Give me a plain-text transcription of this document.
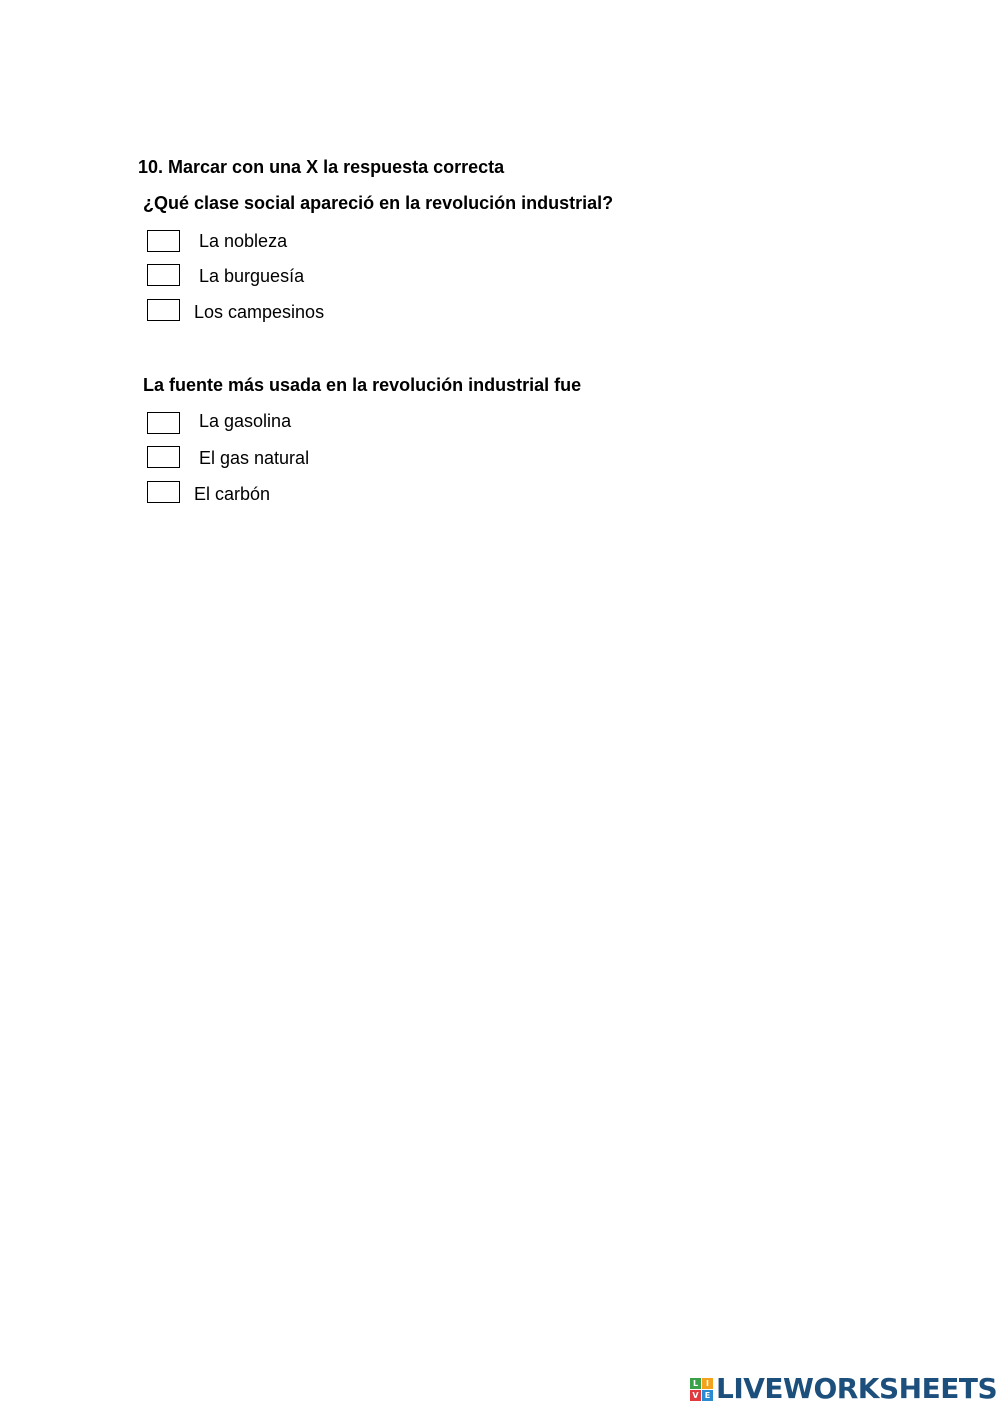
10. Marcar con una X la respuesta correcta
¿Qué clase social apareció en la revolución industrial?
La nobleza
La burguesía
Los campesinos
La fuente más usada en la revolución industrial fue
La gasolina
El gas natural
El carbón
L I
V E LIVEWORKSHEETS
